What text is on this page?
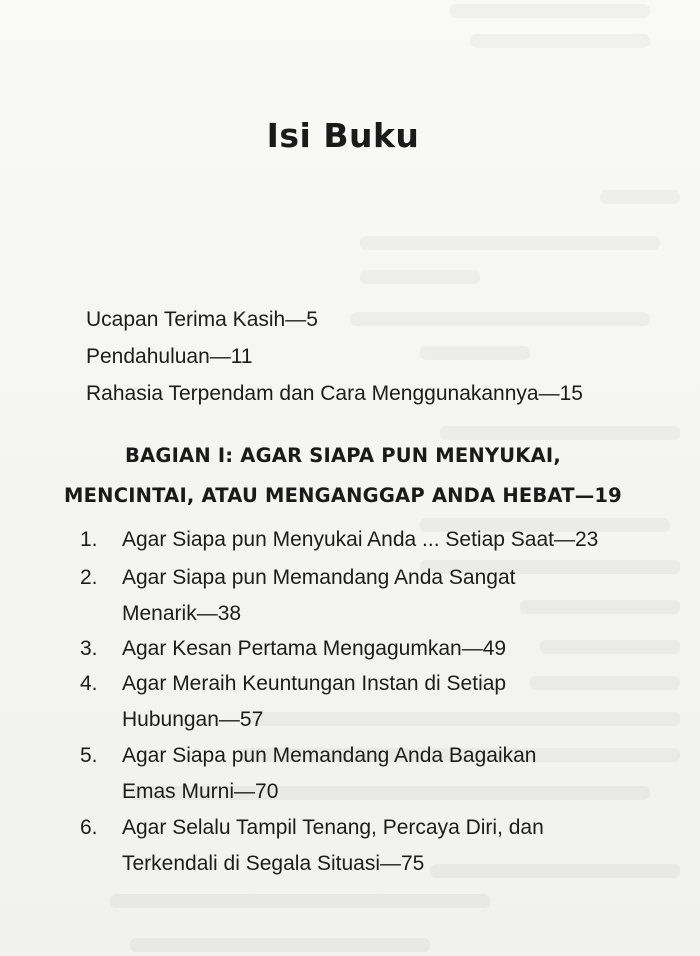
Isi Buku
Ucapan Terima Kasih—5
Pendahuluan—11
Rahasia Terpendam dan Cara Menggunakannya—15
BAGIAN I: AGAR SIAPA PUN MENYUKAI,
MENCINTAI, ATAU MENGANGGAP ANDA HEBAT—19
1. Agar Siapa pun Menyukai Anda ... Setiap Saat—23
2. Agar Siapa pun Memandang Anda Sangat
Menarik—38
3. Agar Kesan Pertama Mengagumkan—49
4. Agar Meraih Keuntungan Instan di Setiap
Hubungan—57
5. Agar Siapa pun Memandang Anda Bagaikan
Emas Murni—70
6. Agar Selalu Tampil Tenang, Percaya Diri, dan
Terkendali di Segala Situasi—75
